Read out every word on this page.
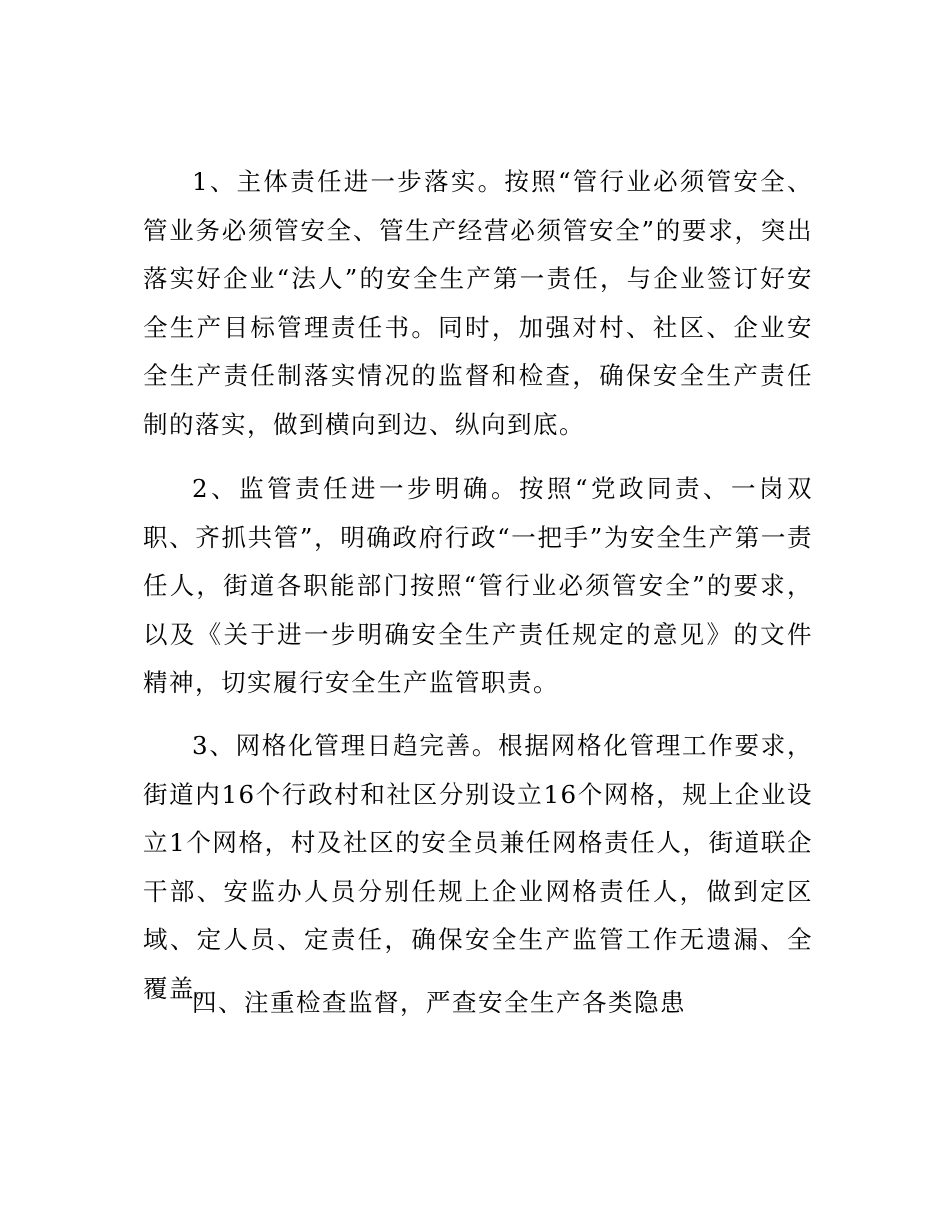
1、主体责任进一步落实。按照“管行业必须管安全、管业务必须管安全、管生产经营必须管安全”的要求，突出落实好企业“法人”的安全生产第一责任，与企业签订好安全生产目标管理责任书。同时，加强对村、社区、企业安全生产责任制落实情况的监督和检查，确保安全生产责任制的落实，做到横向到边、纵向到底。

2、监管责任进一步明确。按照“党政同责、一岗双职、齐抓共管”，明确政府行政“一把手”为安全生产第一责任人，街道各职能部门按照“管行业必须管安全”的要求，以及《关于进一步明确安全生产责任规定的意见》的文件精神，切实履行安全生产监管职责。

3、网格化管理日趋完善。根据网格化管理工作要求，街道内16个行政村和社区分别设立16个网格，规上企业设立1个网格，村及社区的安全员兼任网格责任人，街道联企干部、安监办人员分别任规上企业网格责任人，做到定区域、定人员、定责任，确保安全生产监管工作无遗漏、全覆盖。

四、注重检查监督，严查安全生产各类隐患
